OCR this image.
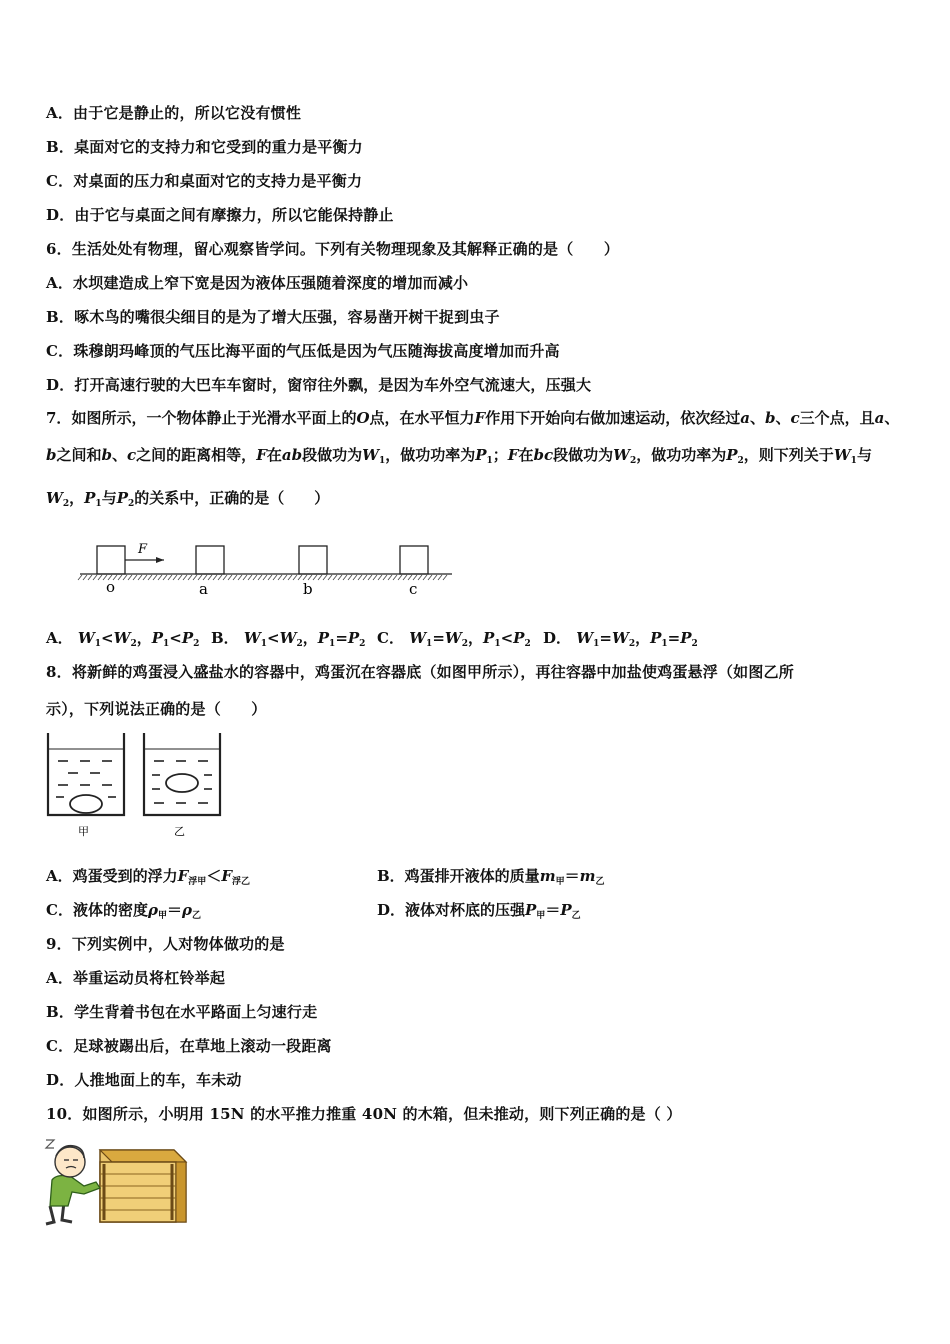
A．由于它是静止的，所以它没有惯性
B．桌面对它的支持力和它受到的重力是平衡力
C．对桌面的压力和桌面对它的支持力是平衡力
D．由于它与桌面之间有摩擦力，所以它能保持静止
6．生活处处有物理，留心观察皆学问。下列有关物理现象及其解释正确的是（　　）
A．水坝建造成上窄下宽是因为液体压强随着深度的增加而减小
B．啄木鸟的嘴很尖细目的是为了增大压强，容易凿开树干捉到虫子
C．珠穆朗玛峰顶的气压比海平面的气压低是因为气压随海拔高度增加而升高
D．打开高速行驶的大巴车车窗时，窗帘往外飘，是因为车外空气流速大，压强大
7．如图所示，一个物体静止于光滑水平面上的O点，在水平恒力F作用下开始向右做加速运动，依次经过a、b、c三个点，且a、b之间和b、c之间的距离相等，F在ab段做功为$W_1$，做功功率为$P_1$；F在bc段做功为$W_2$，做功功率为$P_2$，则下列关于$W_1$与$W_2$，$P_1$与$P_2$的关系中，正确的是（　　）
F
o	a	b	c
A． $W_1<W_2$，$P_1<P_2$ B． $W_1<W_2$，$P_1=P_2$ C． $W_1=W_2$，$P_1<P_2$ D． $W_1=W_2$，$P_1=P_2$
8．将新鲜的鸡蛋浸入盛盐水的容器中，鸡蛋沉在容器底（如图甲所示），再往容器中加盐使鸡蛋悬浮（如图乙所
示），下列说法正确的是（　　）
甲	乙
A．鸡蛋受到的浮力$F_{浮甲}<F_{浮乙}$	B．鸡蛋排开液体的质量$m_甲=m_乙$
C．液体的密度$\rho_甲=\rho_乙$	D．液体对杯底的压强$P_甲=P_乙$
9．下列实例中，人对物体做功的是
A．举重运动员将杠铃举起
B．学生背着书包在水平路面上匀速行走
C．足球被踢出后，在草地上滚动一段距离
D．人推地面上的车，车未动
10．如图所示，小明用 15N 的水平推力推重 40N 的木箱，但未推动，则下列正确的是（ ）
